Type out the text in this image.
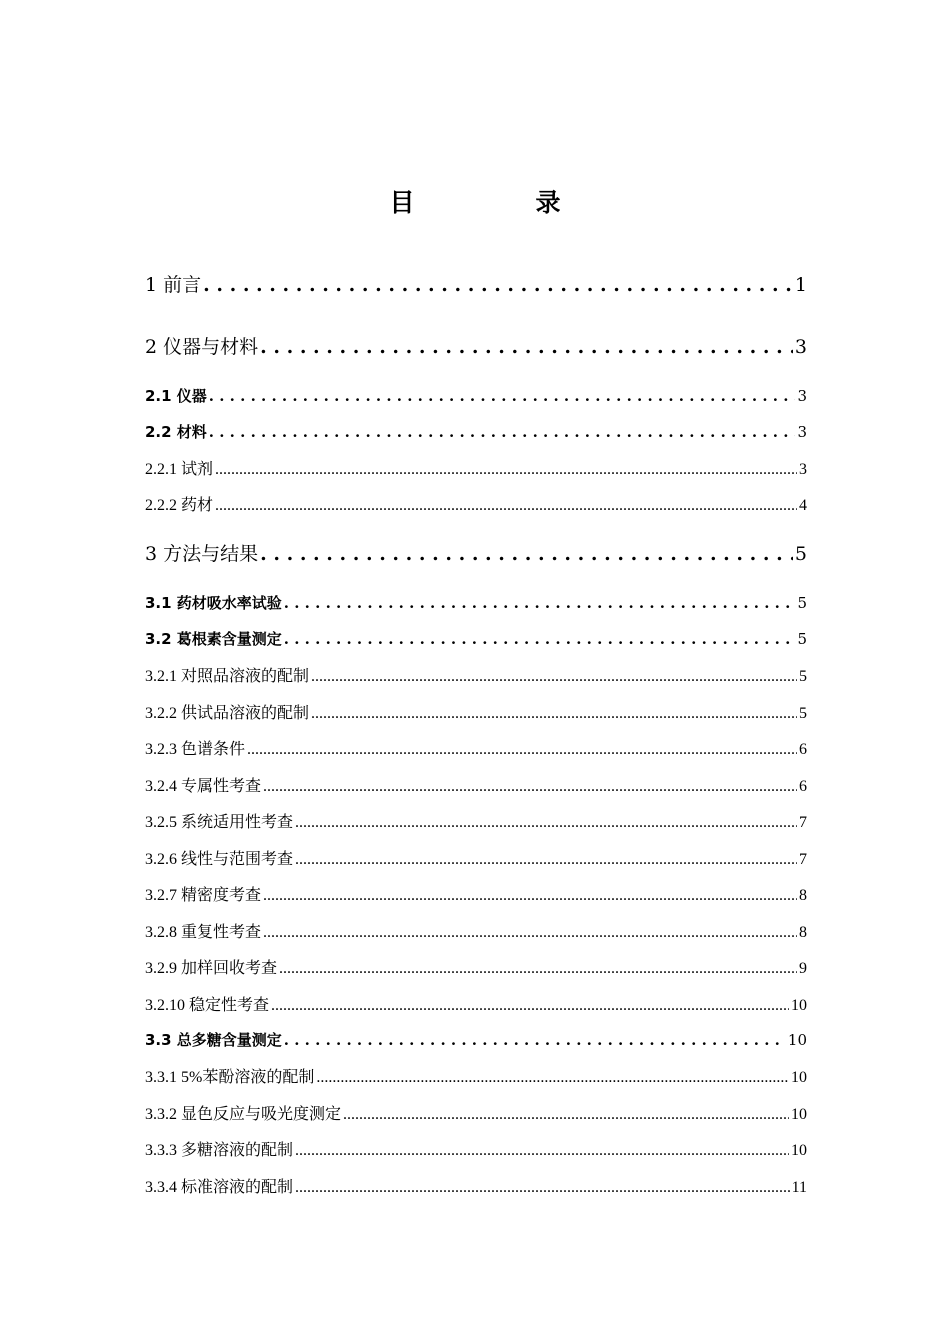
目　录
1 前言 . . .	1
2 仪器与材料 . . .	3
2.1 仪器 . . .	3
2.2 材料 . . .	3
2.2.1 试剂 .....	3
2.2.2 药材 .....	4
3 方法与结果 . . .	5
3.1 药材吸水率试验 . . .	5
3.2 葛根素含量测定 . . .	5
3.2.1 对照品溶液的配制 .....	5
3.2.2 供试品溶液的配制 .....	5
3.2.3 色谱条件 .....	6
3.2.4 专属性考查 .....	6
3.2.5 系统适用性考查 .....	7
3.2.6 线性与范围考查 .....	7
3.2.7 精密度考查 .....	8
3.2.8 重复性考查 .....	8
3.2.9 加样回收考查 .....	9
3.2.10 稳定性考查 .....	10
3.3 总多糖含量测定 . . .	10
3.3.1 5%苯酚溶液的配制 .....	10
3.3.2 显色反应与吸光度测定 .....	10
3.3.3 多糖溶液的配制 .....	10
3.3.4 标准溶液的配制 .....	11
